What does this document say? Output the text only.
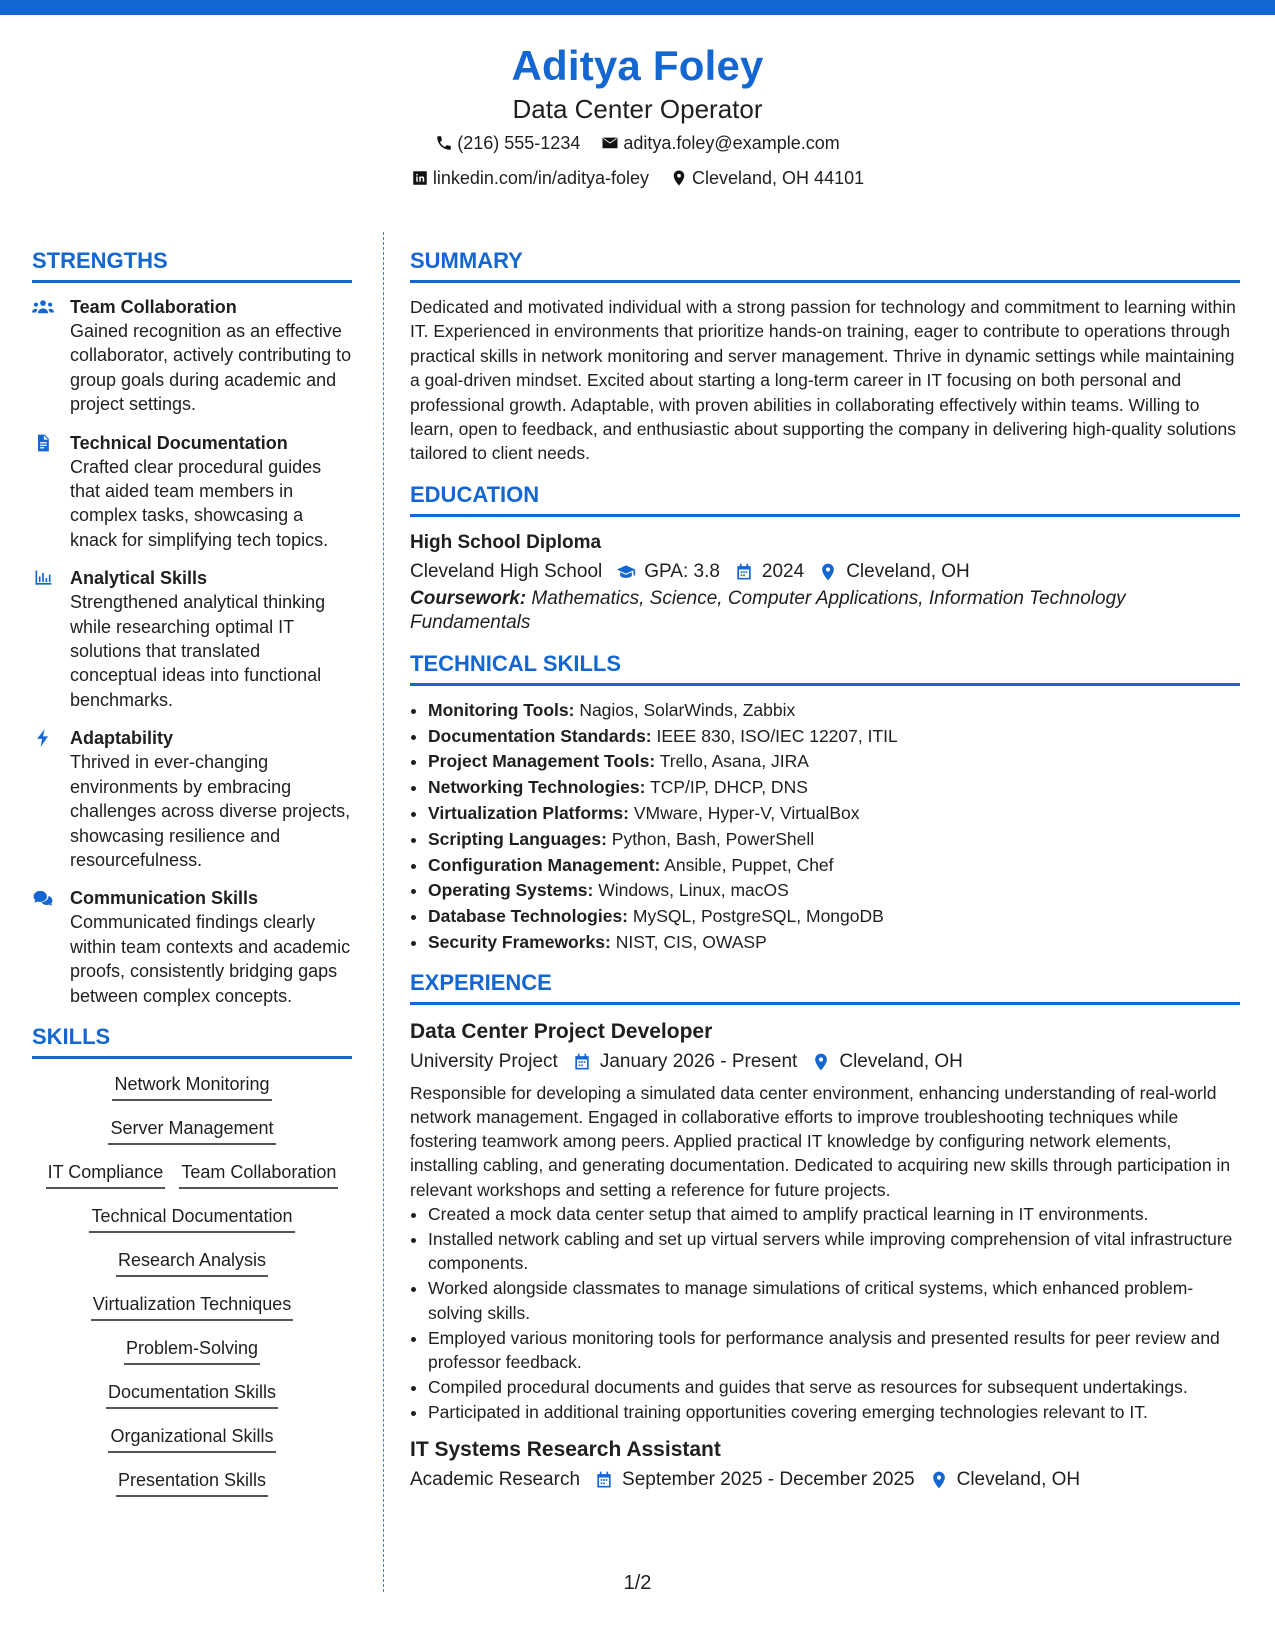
Aditya Foley
Data Center Operator
(216) 555-1234
aditya.foley@example.com
linkedin.com/in/aditya-foley
Cleveland, OH 44101
STRENGTHS
Team Collaboration
Gained recognition as an effective collaborator, actively contributing to group goals during academic and project settings.
Technical Documentation
Crafted clear procedural guides that aided team members in complex tasks, showcasing a knack for simplifying tech topics.
Analytical Skills
Strengthened analytical thinking while researching optimal IT solutions that translated conceptual ideas into functional benchmarks.
Adaptability
Thrived in ever-changing environments by embracing challenges across diverse projects, showcasing resilience and resourcefulness.
Communication Skills
Communicated findings clearly within team contexts and academic proofs, consistently bridging gaps between complex concepts.
SKILLS
Network Monitoring
Server Management
IT Compliance Team Collaboration
Technical Documentation
Research Analysis
Virtualization Techniques
Problem-Solving
Documentation Skills
Organizational Skills
Presentation Skills
SUMMARY
Dedicated and motivated individual with a strong passion for technology and commitment to learning within IT. Experienced in environments that prioritize hands-on training, eager to contribute to operations through practical skills in network monitoring and server management. Thrive in dynamic settings while maintaining a goal-driven mindset. Excited about starting a long-term career in IT focusing on both personal and professional growth. Adaptable, with proven abilities in collaborating effectively within teams. Willing to learn, open to feedback, and enthusiastic about supporting the company in delivering high-quality solutions tailored to client needs.
EDUCATION
High School Diploma
Cleveland High School GPA: 3.8 2024 Cleveland, OH
Coursework: Mathematics, Science, Computer Applications, Information Technology Fundamentals
TECHNICAL SKILLS
• Monitoring Tools: Nagios, SolarWinds, Zabbix
• Documentation Standards: IEEE 830, ISO/IEC 12207, ITIL
• Project Management Tools: Trello, Asana, JIRA
• Networking Technologies: TCP/IP, DHCP, DNS
• Virtualization Platforms: VMware, Hyper-V, VirtualBox
• Scripting Languages: Python, Bash, PowerShell
• Configuration Management: Ansible, Puppet, Chef
• Operating Systems: Windows, Linux, macOS
• Database Technologies: MySQL, PostgreSQL, MongoDB
• Security Frameworks: NIST, CIS, OWASP
EXPERIENCE
Data Center Project Developer
University Project January 2026 - Present Cleveland, OH
Responsible for developing a simulated data center environment, enhancing understanding of real-world network management. Engaged in collaborative efforts to improve troubleshooting techniques while fostering teamwork among peers. Applied practical IT knowledge by configuring network elements, installing cabling, and generating documentation. Dedicated to acquiring new skills through participation in relevant workshops and setting a reference for future projects.
• Created a mock data center setup that aimed to amplify practical learning in IT environments.
• Installed network cabling and set up virtual servers while improving comprehension of vital infrastructure components.
• Worked alongside classmates to manage simulations of critical systems, which enhanced problem-solving skills.
• Employed various monitoring tools for performance analysis and presented results for peer review and professor feedback.
• Compiled procedural documents and guides that serve as resources for subsequent undertakings.
• Participated in additional training opportunities covering emerging technologies relevant to IT.
IT Systems Research Assistant
Academic Research September 2025 - December 2025 Cleveland, OH
1/2
